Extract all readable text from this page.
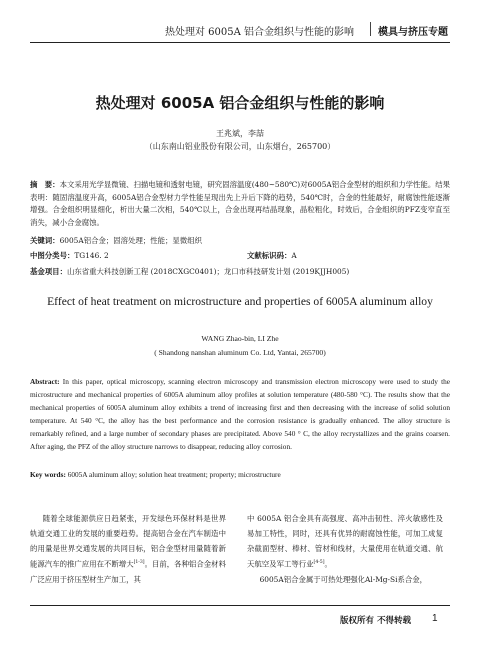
热处理对 6005A 铝合金组织与性能的影响 模具与挤压专题
热处理对 6005A 铝合金组织与性能的影响
王兆斌，李喆
（山东南山铝业股份有限公司，山东烟台，265700）
摘　要：本文采用光学显微镜、扫描电镜和透射电镜，研究固溶温度(480~580℃)对6005A铝合金型材的组织和力学性能。结果表明：随固溶温度升高，6005A铝合金型材力学性能呈现出先上升后下降的趋势，540℃时，合金的性能最好，耐腐蚀性能逐渐增强。合金组织明显细化，析出大量二次相，540℃以上，合金出现再结晶现象，晶粒粗化，时效后，合金组织的PFZ变窄直至消失，减小合金腐蚀。
关键词：6005A铝合金；固溶处理；性能；显微组织
中图分类号：TG146. 2	文献标识码：A
基金项目：山东省重大科技创新工程 (2018CXGC0401)；龙口市科技研发计划 (2019KJJH005)
Effect of heat treatment on microstructure and properties of 6005A aluminum alloy
WANG Zhao-bin, LI Zhe
( Shandong nanshan aluminum Co. Ltd, Yantai, 265700)
Abstract: In this paper, optical microscopy, scanning electron microscopy and transmission electron microscopy were used to study the microstructure and mechanical properties of 6005A aluminum alloy profiles at solution temperature (480-580 °C). The results show that the mechanical properties of 6005A aluminum alloy exhibits a trend of increasing first and then decreasing with the increase of solid solution temperature. At 540 °C, the alloy has the best performance and the corrosion resistance is gradually enhanced. The alloy structure is remarkably refined, and a large number of secondary phases are precipitated. Above 540 ° C, the alloy recrystallizes and the grains coarsen. After aging, the PFZ of the alloy structure narrows to disappear, reducing alloy corrosion.
Key words: 6005A aluminum alloy; solution heat treatment; property; microstructure
随着全球能源供应日趋紧张，开发绿色环保材料是世界轨道交通工业的发展的重要趋势。提高铝合金在汽车制造中的用量是世界交通发展的共同目标，铝合金型材用量随着新能源汽车的推广应用在不断增大[1-3]。目前，各种铝合金材料广泛应用于挤压型材生产加工，其
中 6005A 铝合金具有高强度、高冲击韧性、淬火敏感性及易加工特性，同时，还具有优异的耐腐蚀性能，可加工成复杂截面型材、棒材、管材和线材，大量使用在轨道交通、航天航空及军工等行业[4-5]。
6005A铝合金属于可热处理强化Al-Mg-Si系合金，
版权所有 不得转载 1
